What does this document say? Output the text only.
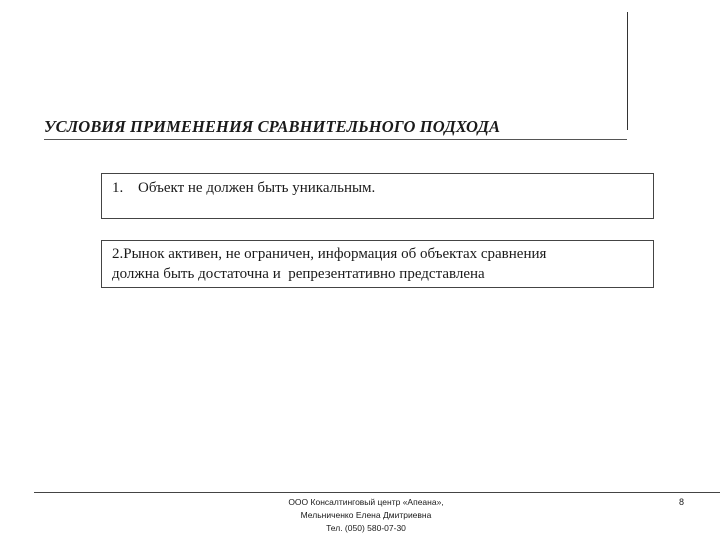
УСЛОВИЯ ПРИМЕНЕНИЯ СРАВНИТЕЛЬНОГО ПОДХОДА
1. Объект не должен быть уникальным.
2.Рынок активен, не ограничен, информация об объектах сравнения
должна быть достаточна и  репрезентативно представлена
ООО Консалтинговый центр «Апеана»,
Мельниченко Елена Дмитриевна
Тел. (050) 580-07-30
8
